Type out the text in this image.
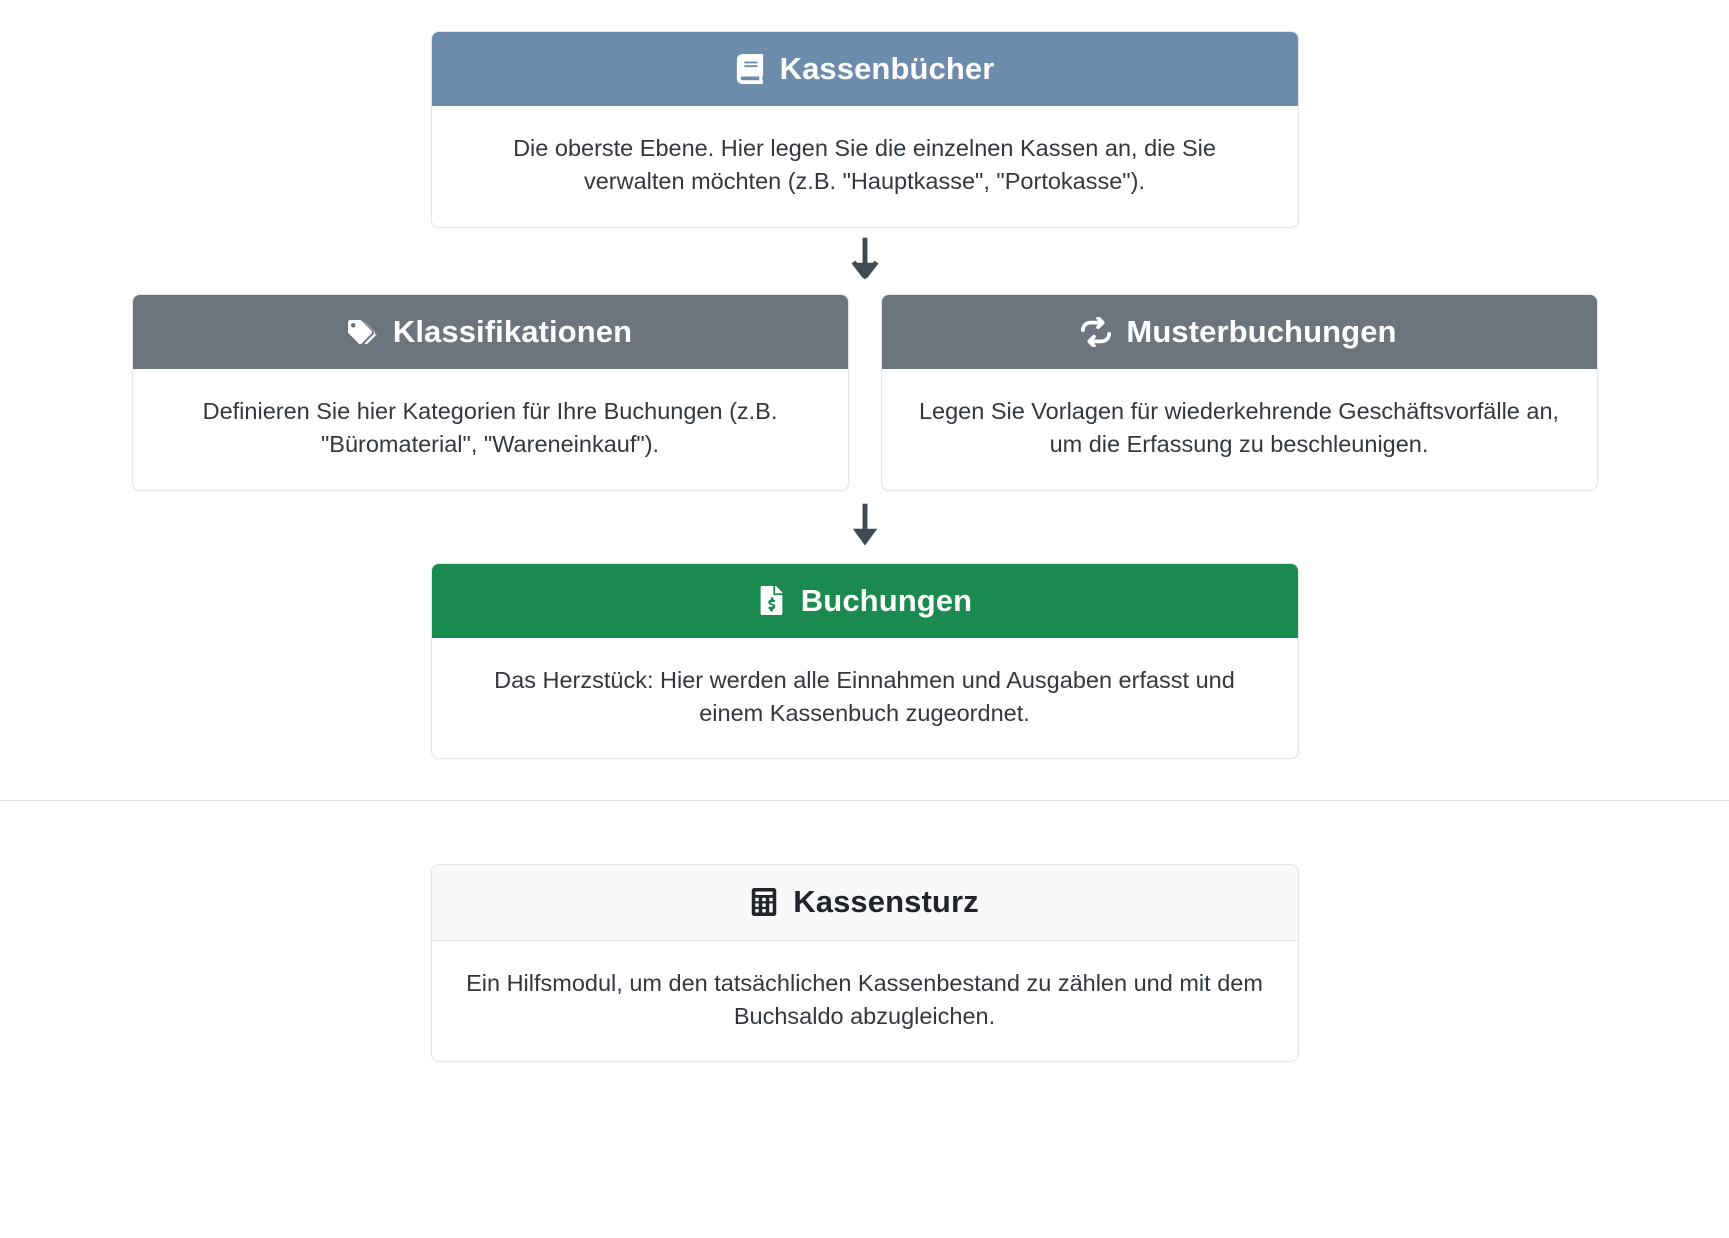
Kassenbücher
Die oberste Ebene. Hier legen Sie die einzelnen Kassen an, die Sie verwalten möchten (z.B. "Hauptkasse", "Portokasse").
Klassifikationen
Definieren Sie hier Kategorien für Ihre Buchungen (z.B. "Büromaterial", "Wareneinkauf").
Musterbuchungen
Legen Sie Vorlagen für wiederkehrende Geschäftsvorfälle an, um die Erfassung zu beschleunigen.
Buchungen
Das Herzstück: Hier werden alle Einnahmen und Ausgaben erfasst und einem Kassenbuch zugeordnet.
Kassensturz
Ein Hilfsmodul, um den tatsächlichen Kassenbestand zu zählen und mit dem Buchsaldo abzugleichen.
